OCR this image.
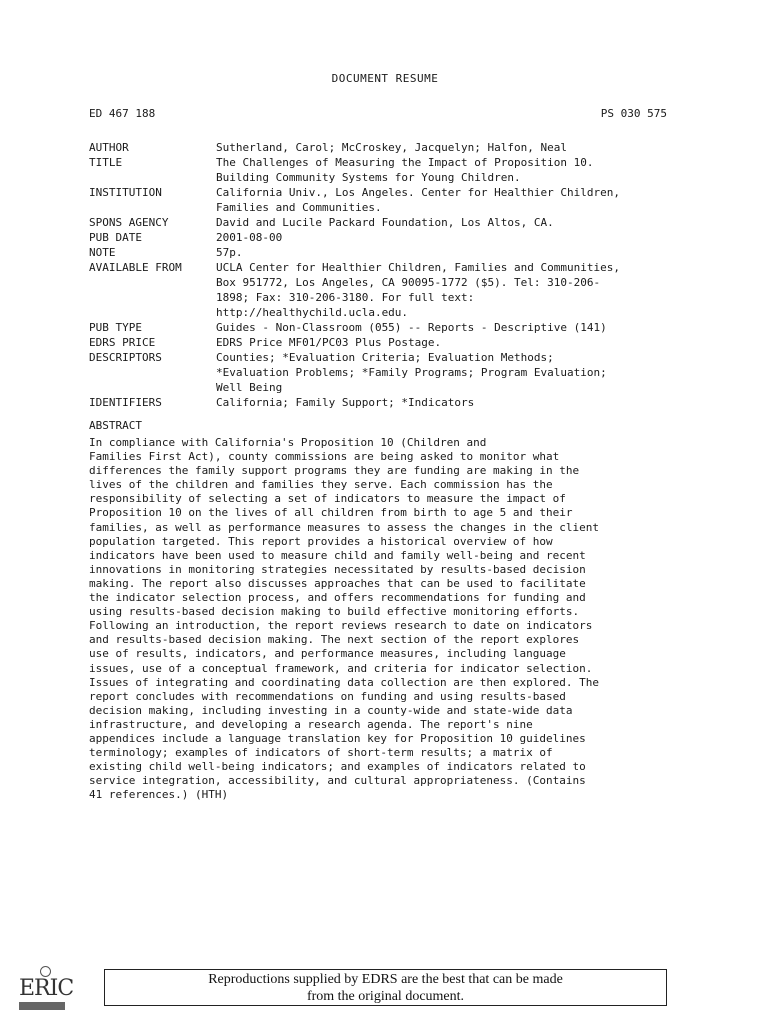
DOCUMENT RESUME
ED 467 188	PS 030 575
AUTHOR	Sutherland, Carol; McCroskey, Jacquelyn; Halfon, Neal
TITLE	The Challenges of Measuring the Impact of Proposition 10.
Building Community Systems for Young Children.
INSTITUTION	California Univ., Los Angeles. Center for Healthier Children,
Families and Communities.
SPONS AGENCY	David and Lucile Packard Foundation, Los Altos, CA.
PUB DATE	2001-08-00
NOTE	57p.
AVAILABLE FROM	UCLA Center for Healthier Children, Families and Communities,
Box 951772, Los Angeles, CA 90095-1772 ($5). Tel: 310-206-
1898; Fax: 310-206-3180. For full text:
http://healthychild.ucla.edu.
PUB TYPE	Guides - Non-Classroom (055) -- Reports - Descriptive (141)
EDRS PRICE	EDRS Price MF01/PC03 Plus Postage.
DESCRIPTORS	Counties; *Evaluation Criteria; Evaluation Methods;
*Evaluation Problems; *Family Programs; Program Evaluation;
Well Being
IDENTIFIERS	California; Family Support; *Indicators
ABSTRACT
In compliance with California's Proposition 10 (Children and
Families First Act), county commissions are being asked to monitor what
differences the family support programs they are funding are making in the
lives of the children and families they serve. Each commission has the
responsibility of selecting a set of indicators to measure the impact of
Proposition 10 on the lives of all children from birth to age 5 and their
families, as well as performance measures to assess the changes in the client
population targeted. This report provides a historical overview of how
indicators have been used to measure child and family well-being and recent
innovations in monitoring strategies necessitated by results-based decision
making. The report also discusses approaches that can be used to facilitate
the indicator selection process, and offers recommendations for funding and
using results-based decision making to build effective monitoring efforts.
Following an introduction, the report reviews research to date on indicators
and results-based decision making. The next section of the report explores
use of results, indicators, and performance measures, including language
issues, use of a conceptual framework, and criteria for indicator selection.
Issues of integrating and coordinating data collection are then explored. The
report concludes with recommendations on funding and using results-based
decision making, including investing in a county-wide and state-wide data
infrastructure, and developing a research agenda. The report's nine
appendices include a language translation key for Proposition 10 guidelines
terminology; examples of indicators of short-term results; a matrix of
existing child well-being indicators; and examples of indicators related to
service integration, accessibility, and cultural appropriateness. (Contains
41 references.) (HTH)
ERIC	Reproductions supplied by EDRS are the best that can be made
from the original document.
